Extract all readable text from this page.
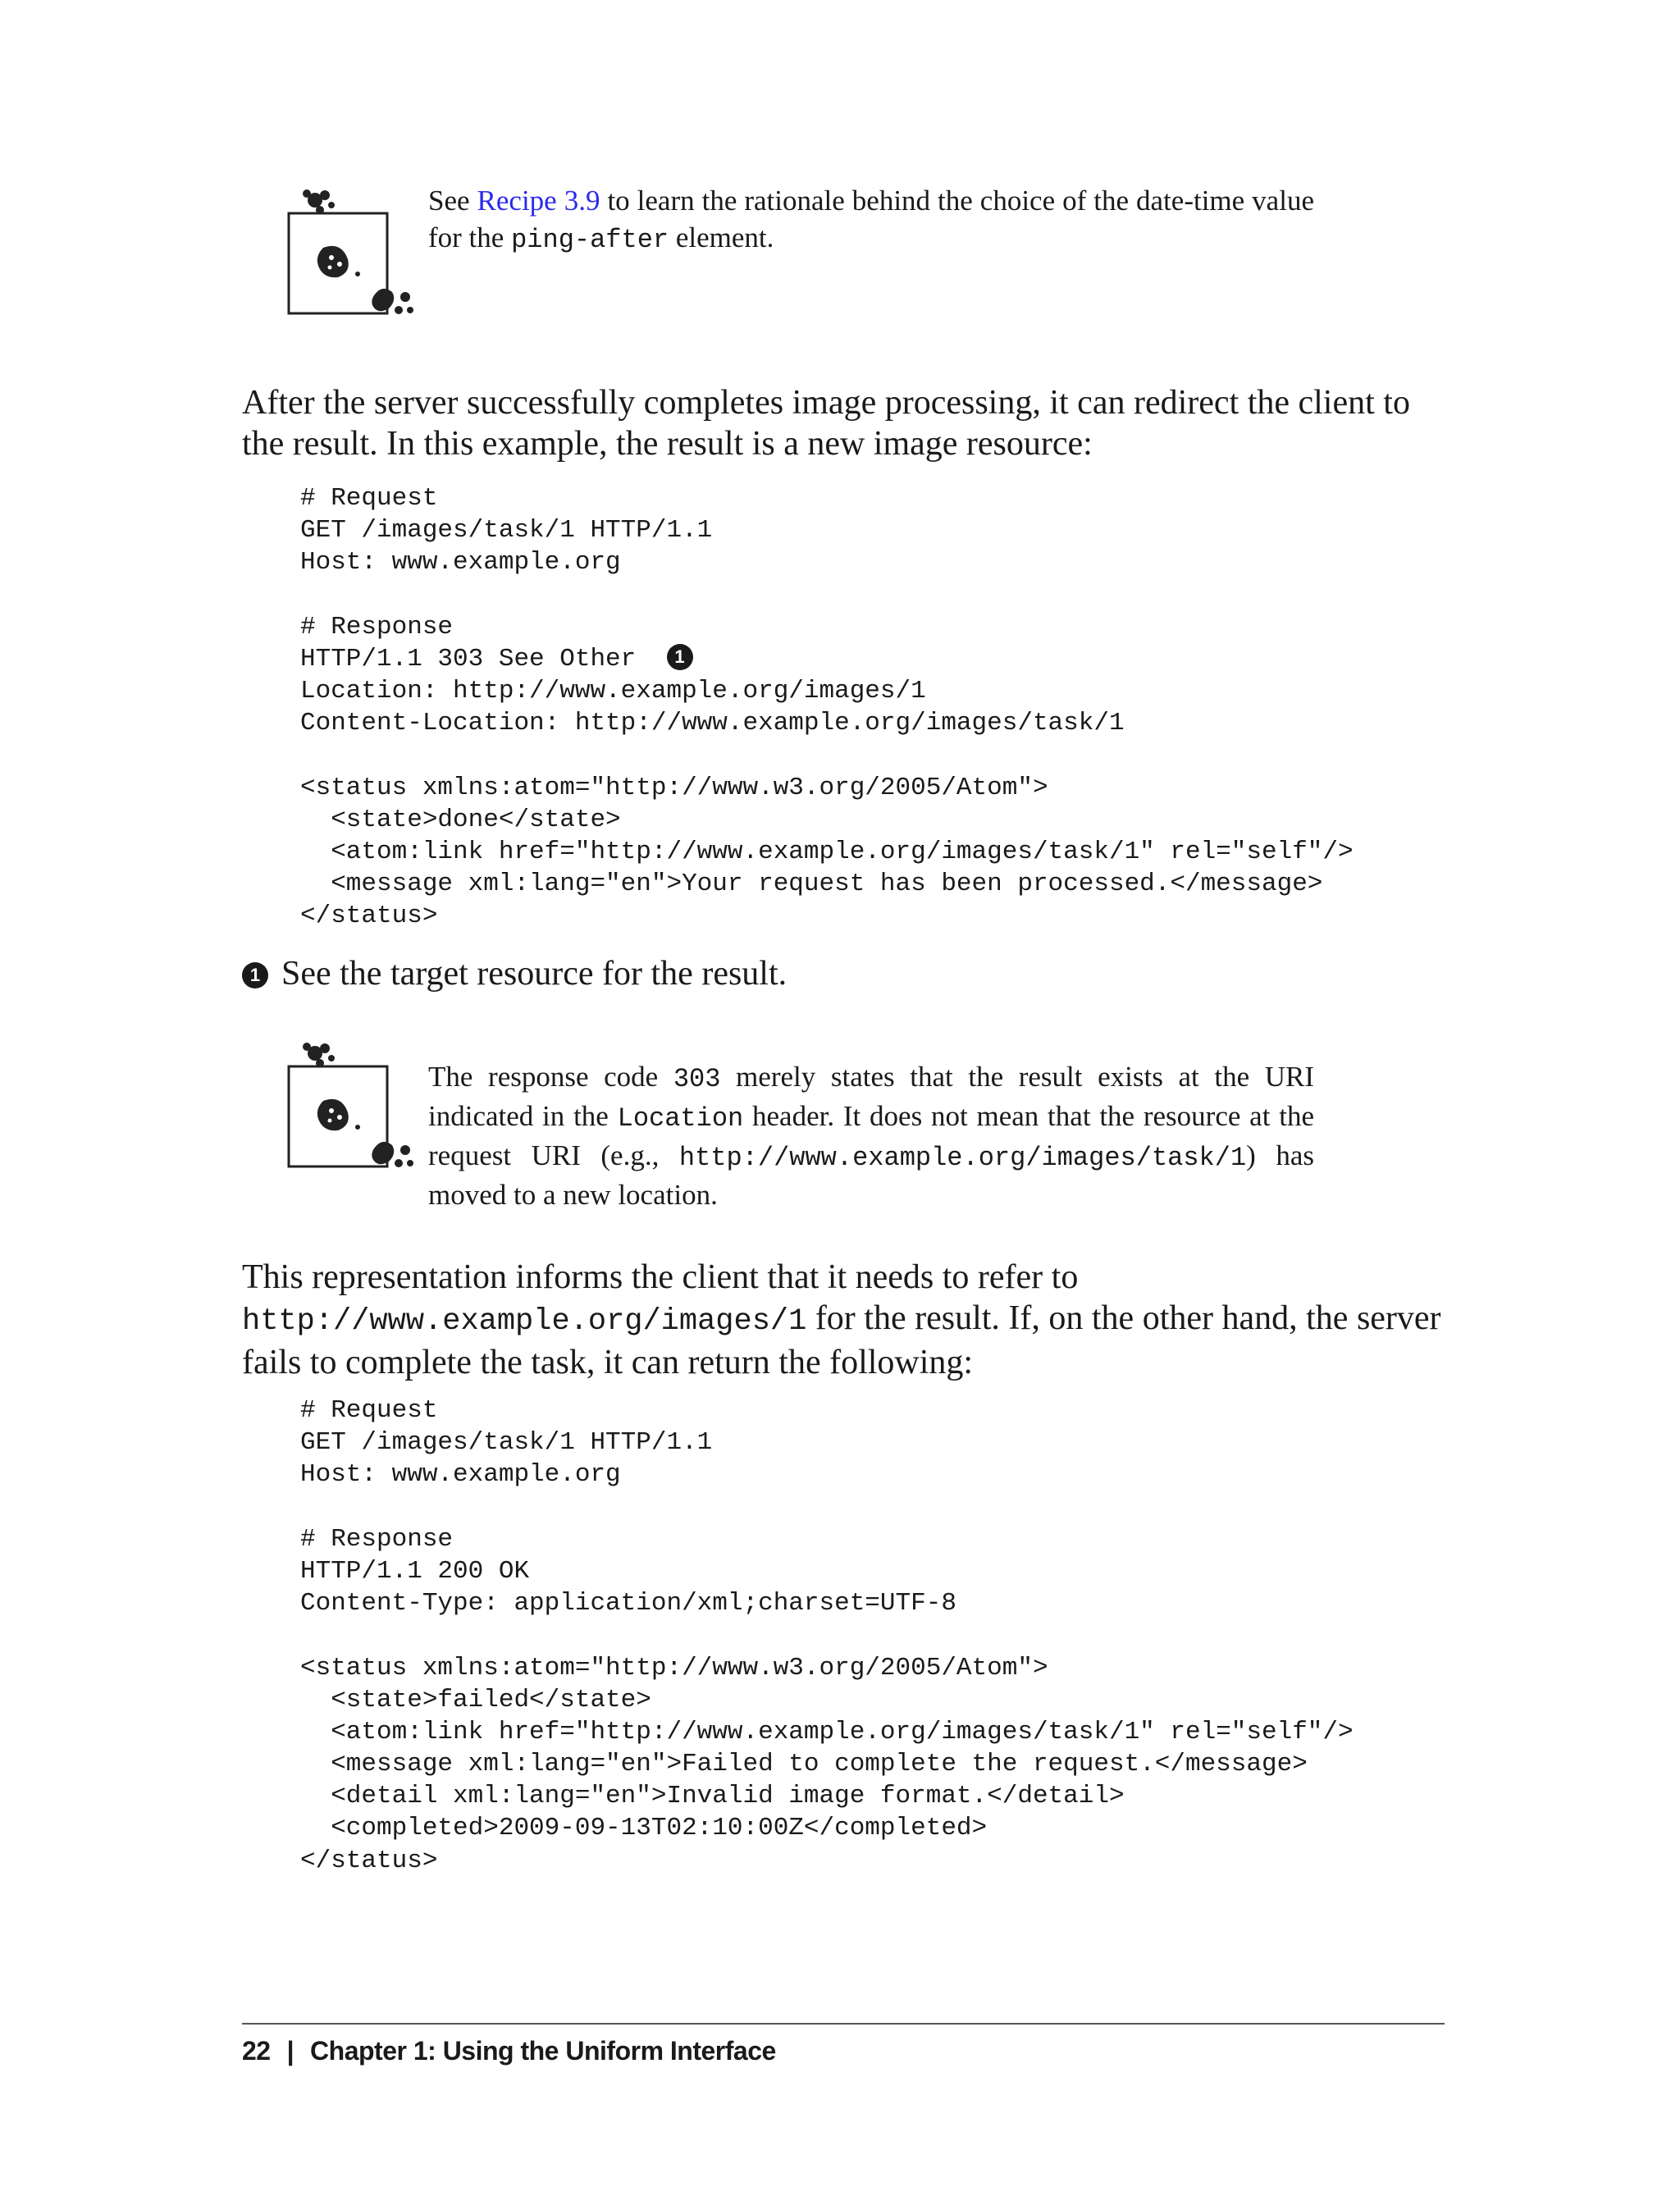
See Recipe 3.9 to learn the rationale behind the choice of the date-time value for the ping-after element.
After the server successfully completes image processing, it can redirect the client to the result. In this example, the result is a new image resource:
# Request
GET /images/task/1 HTTP/1.1
Host: www.example.org
# Response
HTTP/1.1 303 See Other 1
Location: http://www.example.org/images/1
Content-Location: http://www.example.org/images/task/1
<status xmlns:atom="http://www.w3.org/2005/Atom">
<state>done</state>
<atom:link href="http://www.example.org/images/task/1" rel="self"/>
<message xml:lang="en">Your request has been processed.</message>
</status>
1 See the target resource for the result.
The response code 303 merely states that the result exists at the URI indicated in the Location header. It does not mean that the resource at the request URI (e.g., http://www.example.org/images/task/1) has moved to a new location.
This representation informs the client that it needs to refer to http://www.example.org/images/1 for the result. If, on the other hand, the server fails to complete the task, it can return the following:
# Request
GET /images/task/1 HTTP/1.1
Host: www.example.org
# Response
HTTP/1.1 200 OK
Content-Type: application/xml;charset=UTF-8
<status xmlns:atom="http://www.w3.org/2005/Atom">
<state>failed</state>
<atom:link href="http://www.example.org/images/task/1" rel="self"/>
<message xml:lang="en">Failed to complete the request.</message>
<detail xml:lang="en">Invalid image format.</detail>
<completed>2009-09-13T02:10:00Z</completed>
</status>
22 | Chapter 1: Using the Uniform Interface
